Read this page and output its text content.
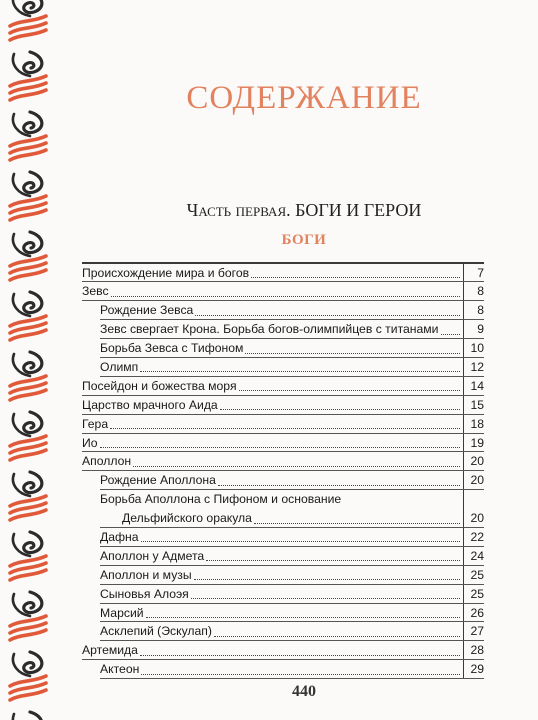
СОДЕРЖАНИЕ
Часть первая. БОГИ И ГЕРОИ
БОГИ
Происхождение мира и богов	7
Зевс	8
Рождение Зевса	8
Зевс свергает Крона. Борьба богов-олимпийцев с титанами	9
Борьба Зевса с Тифоном	10
Олимп	12
Посейдон и божества моря	14
Царство мрачного Аида	15
Гера	18
Ио	19
Аполлон	20
Рождение Аполлона	20
Борьба Аполлона с Пифоном и основание
Дельфийского оракула	20
Дафна	22
Аполлон у Адмета	24
Аполлон и музы	25
Сыновья Алоэя	25
Марсий	26
Асклепий (Эскулап)	27
Артемида	28
Актеон	29
440
